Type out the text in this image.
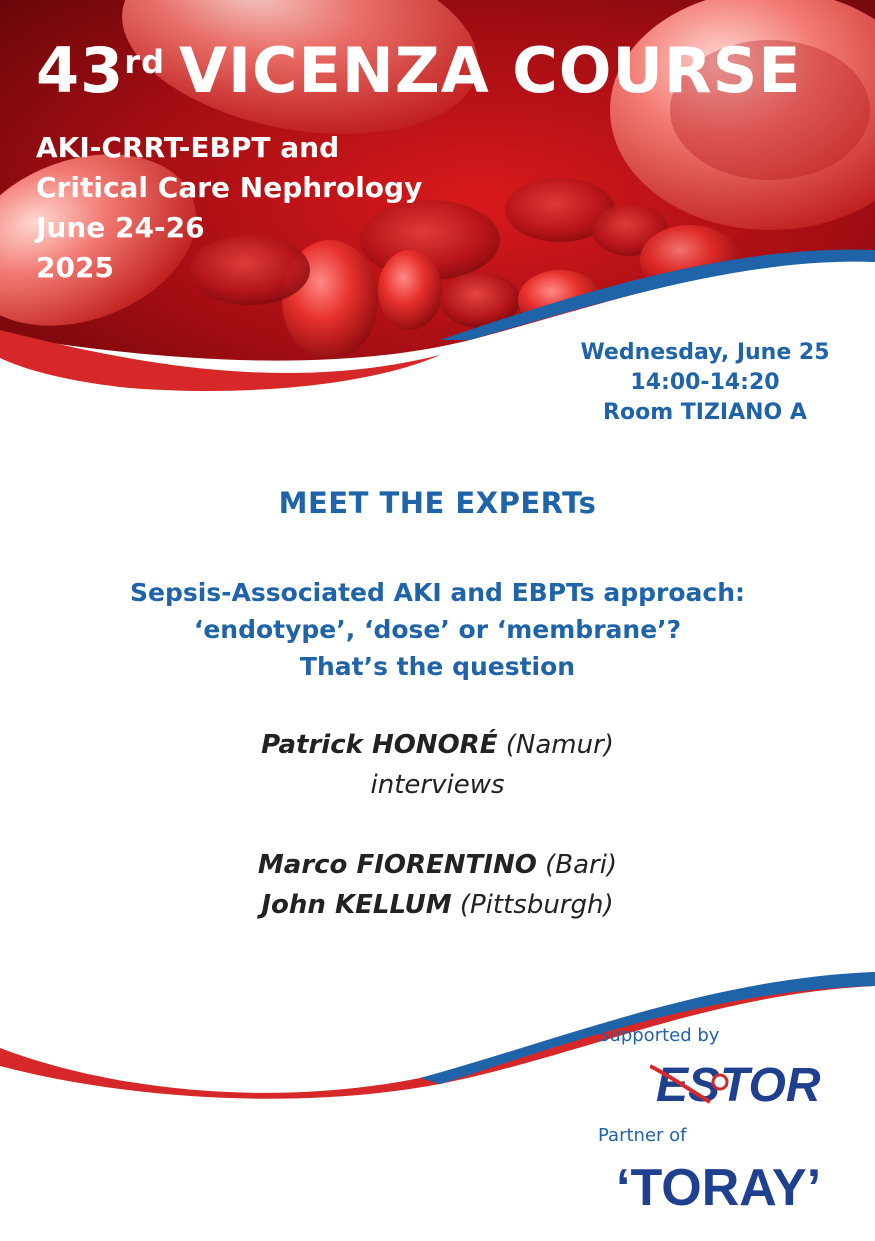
43rd VICENZA COURSE
AKI-CRRT-EBPT and
Critical Care Nephrology
June 24-26
2025
Wednesday, June 25
14:00-14:20
Room TIZIANO A
MEET THE EXPERTs
Sepsis-Associated AKI and EBPTs approach:
‘endotype’, ‘dose’ or ‘membrane’?
That’s the question
Patrick HONORÉ (Namur)
interviews
Marco FIORENTINO (Bari)
John KELLUM (Pittsburgh)
Supported by
ESTOR
Partner of
‘TORAY’
